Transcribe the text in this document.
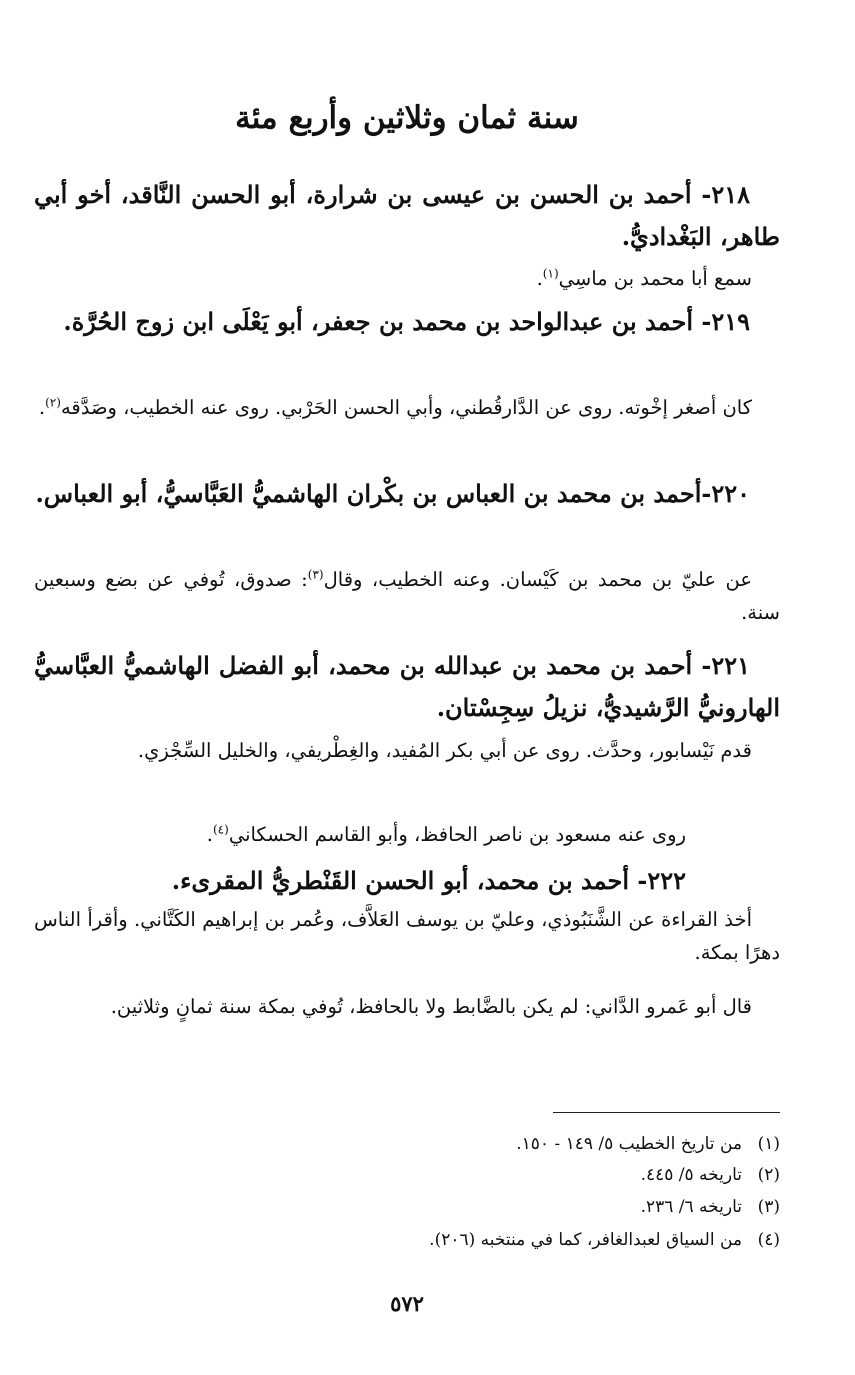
سنة ثمان وثلاثين وأربع مئة

٢١٨- أحمد بن الحسن بن عيسى بن شرارة، أبو الحسن النَّاقد، أخو أبي طاهر، البَغْداديُّ.

سمع أبا محمد بن ماسِي$^{(١)}$.

٢١٩- أحمد بن عبدالواحد بن محمد بن جعفر، أبو يَعْلَى ابن زوج الحُرَّة.

كان أصغر إخْوته. روى عن الدَّارقُطني، وأبي الحسن الحَرْبي. روى عنه الخطيب، وصَدَّقه$^{(٢)}$.

٢٢٠-أحمد بن محمد بن العباس بن بكْران الهاشميُّ العَبَّاسيُّ، أبو العباس.

عن عليّ بن محمد بن كَيْسان. وعنه الخطيب، وقال$^{(٣)}$: صدوق، تُوفي عن بضع وسبعين سنة.

٢٢١- أحمد بن محمد بن عبدالله بن محمد، أبو الفضل الهاشميُّ العبَّاسيُّ الهارونيُّ الرَّشيديُّ، نزيلُ سِجِسْتان.

قدم نَيْسابور، وحدَّث. روى عن أبي بكر المُفيد، والغِطْريفي، والخليل السِّجْزي.

روى عنه مسعود بن ناصر الحافظ، وأبو القاسم الحسكاني$^{(٤)}$.

٢٢٢- أحمد بن محمد، أبو الحسن القَنْطريُّ المقرىء.

أخذ القراءة عن الشَّنَبُوذي، وعليّ بن يوسف العَلاَّف، وعُمر بن إبراهيم الكَتَّاني. وأقرأ الناس دهرًا بمكة.

قال أبو عَمرو الدَّاني: لم يكن بالضَّابط ولا بالحافظ، تُوفي بمكة سنة ثمانٍ وثلاثين.

(١)من تاريخ الخطيب ٥/ ١٤٩ - ١٥٠.
(٢)تاريخه ٥/ ٤٤٥.
(٣)تاريخه ٦/ ٢٣٦.
(٤)من السياق لعبدالغافر، كما في منتخبه (٢٠٦).
٥٧٢
